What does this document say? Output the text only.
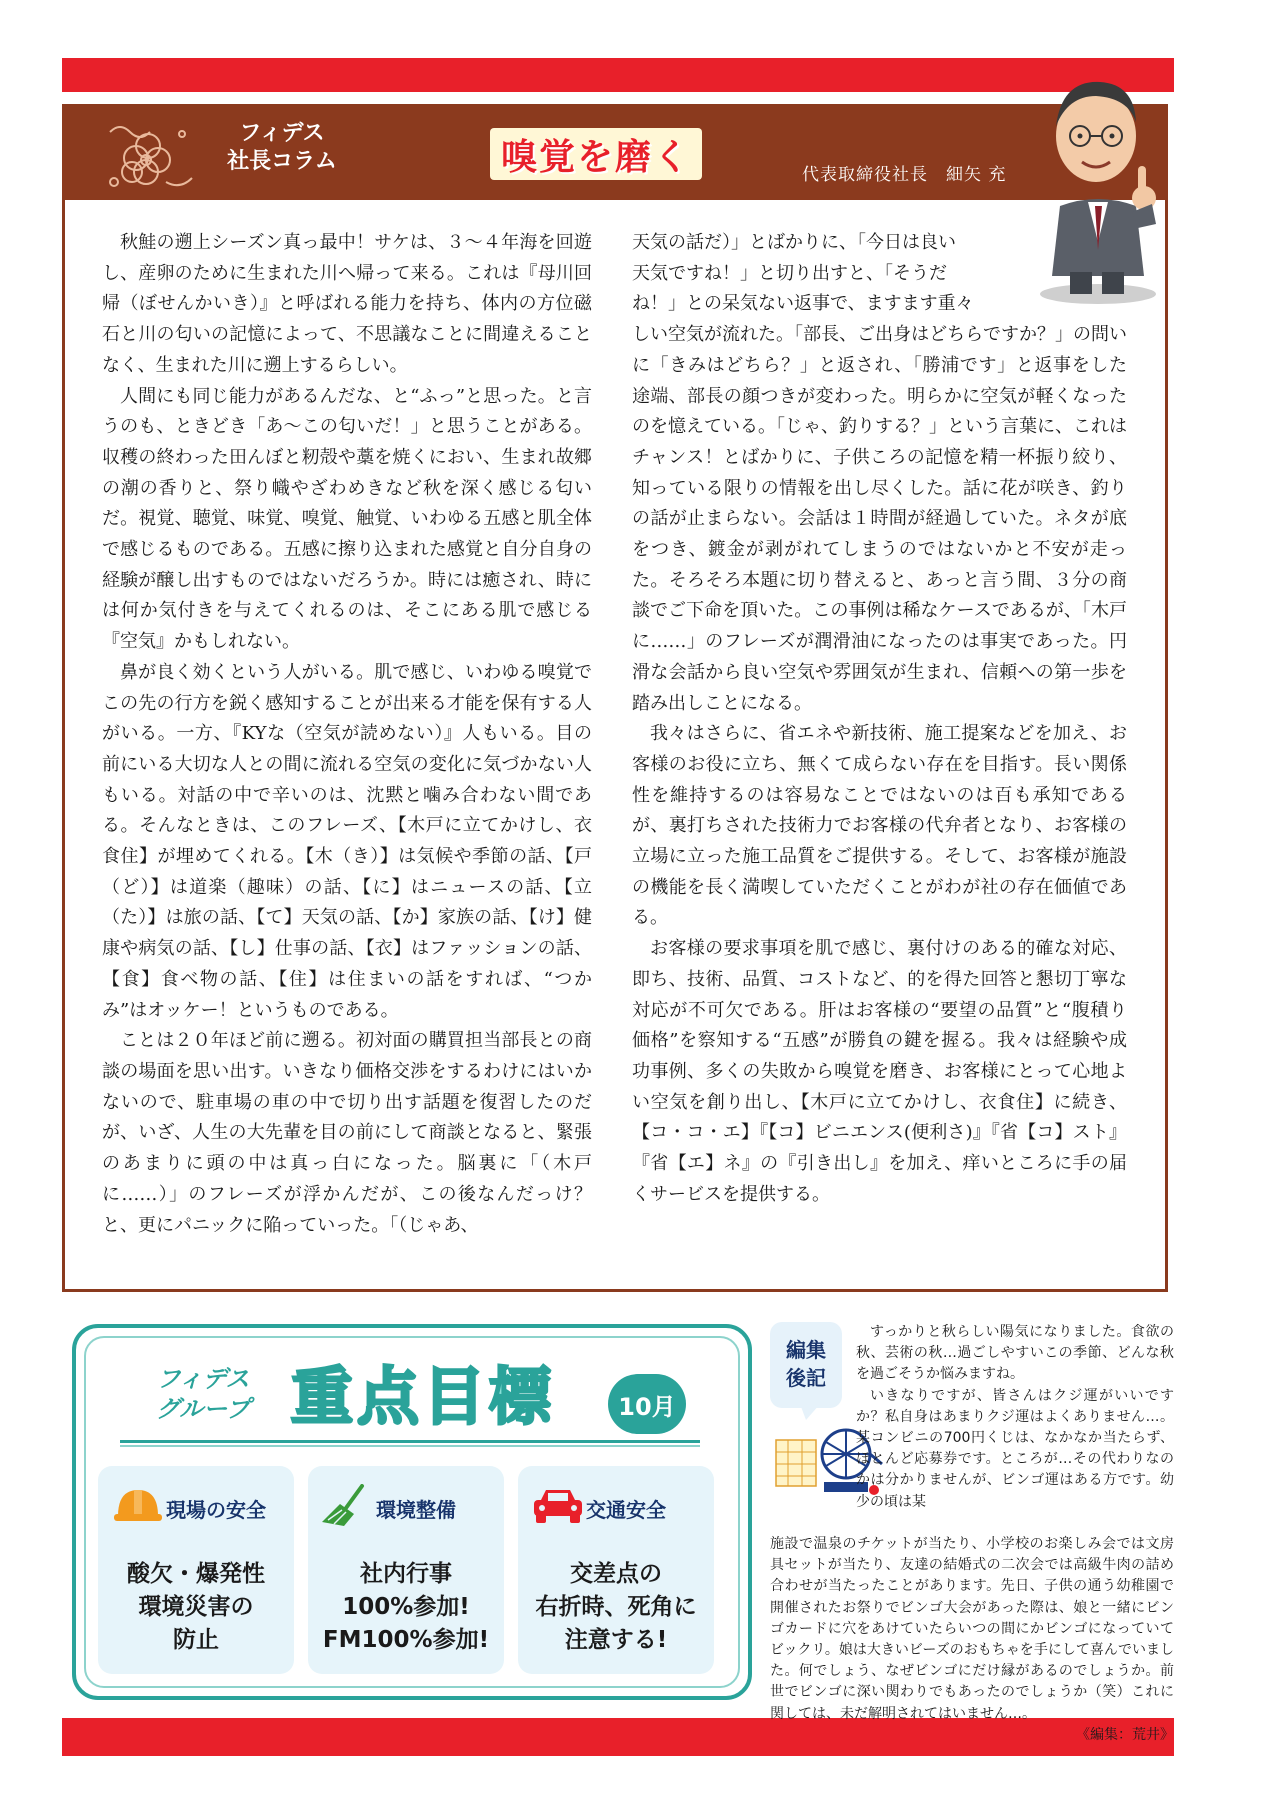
フィデス
社長コラム	嗅覚を磨く	代表取締役社長　細矢 充

秋鮭の遡上シーズン真っ最中！サケは、３～４年海を回遊し、産卵のために生まれた川へ帰って来る。これは『母川回帰（ぼせんかいき）』と呼ばれる能力を持ち、体内の方位磁石と川の匂いの記憶によって、不思議なことに間違えることなく、生まれた川に遡上するらしい。

人間にも同じ能力があるんだな、と“ふっ”と思った。と言うのも、ときどき「あ～この匂いだ！」と思うことがある。収穫の終わった田んぼと籾殻や藁を焼くにおい、生まれ故郷の潮の香りと、祭り幟やざわめきなど秋を深く感じる匂いだ。視覚、聴覚、味覚、嗅覚、触覚、いわゆる五感と肌全体で感じるものである。五感に擦り込まれた感覚と自分自身の経験が醸し出すものではないだろうか。時には癒され、時には何か気付きを与えてくれるのは、そこにある肌で感じる『空気』かもしれない。

鼻が良く効くという人がいる。肌で感じ、いわゆる嗅覚でこの先の行方を鋭く感知することが出来る才能を保有する人がいる。一方、『KYな（空気が読めない）』人もいる。目の前にいる大切な人との間に流れる空気の変化に気づかない人もいる。対話の中で辛いのは、沈黙と噛み合わない間である。そんなときは、このフレーズ、【木戸に立てかけし、衣食住】が埋めてくれる。【木（き）】は気候や季節の話、【戸（ど）】は道楽（趣味）の話、【に】はニュースの話、【立（た）】は旅の話、【て】天気の話、【か】家族の話、【け】健康や病気の話、【し】仕事の話、【衣】はファッションの話、【食】食べ物の話、【住】は住まいの話をすれば、“つかみ”はオッケー！というものである。

ことは２０年ほど前に遡る。初対面の購買担当部長との商談の場面を思い出す。いきなり価格交渉をするわけにはいかないので、駐車場の車の中で切り出す話題を復習したのだが、いざ、人生の大先輩を目の前にして商談となると、緊張のあまりに頭の中は真っ白になった。脳裏に「（木戸に……）」のフレーズが浮かんだが、この後なんだっけ？と、更にパニックに陥っていった。「（じゃあ、

天気の話だ）」とばかりに、「今日は良い

天気ですね！」と切り出すと、「そうだ

ね！」との呆気ない返事で、ますます重々

しい空気が流れた。「部長、ご出身はどちらですか？」の問いに「きみはどちら？」と返され、「勝浦です」と返事をした途端、部長の顔つきが変わった。明らかに空気が軽くなったのを憶えている。「じゃ、釣りする？」という言葉に、これはチャンス！とばかりに、子供ころの記憶を精一杯振り絞り、知っている限りの情報を出し尽くした。話に花が咲き、釣りの話が止まらない。会話は１時間が経過していた。ネタが底をつき、鍍金が剥がれてしまうのではないかと不安が走った。そろそろ本題に切り替えると、あっと言う間、３分の商談でご下命を頂いた。この事例は稀なケースであるが、「木戸に……」のフレーズが潤滑油になったのは事実であった。円滑な会話から良い空気や雰囲気が生まれ、信頼への第一歩を踏み出しことになる。

我々はさらに、省エネや新技術、施工提案などを加え、お客様のお役に立ち、無くて成らない存在を目指す。長い関係性を維持するのは容易なことではないのは百も承知であるが、裏打ちされた技術力でお客様の代弁者となり、お客様の立場に立った施工品質をご提供する。そして、お客様が施設の機能を長く満喫していただくことがわが社の存在価値である。

お客様の要求事項を肌で感じ、裏付けのある的確な対応、即ち、技術、品質、コストなど、的を得た回答と懇切丁寧な対応が不可欠である。肝はお客様の“要望の品質”と“腹積り価格”を察知する“五感”が勝負の鍵を握る。我々は経験や成功事例、多くの失敗から嗅覚を磨き、お客様にとって心地よい空気を創り出し、【木戸に立てかけし、衣食住】に続き、【コ・コ・エ】『【コ】ビニエンス(便利さ)』『省【コ】スト』『省【エ】ネ』の『引き出し』を加え、痒いところに手の届くサービスを提供する。

フィデス
グループ 重点目標	10月
現場の安全
酸欠・爆発性
環境災害の
防止
環境整備
社内行事
100%参加!
FM100%参加!
交通安全
交差点の
右折時、死角に
注意する!
編集
後記

すっかりと秋らしい陽気になりました。食欲の秋、芸術の秋…過ごしやすいこの季節、どんな秋を過ごそうか悩みますね。

いきなりですが、皆さんはクジ運がいいですか？私自身はあまりクジ運はよくありません…。某コンビニの700円くじは、なかなか当たらず、ほとんど応募券です。ところが…その代わりなのかは分かりませんが、ビンゴ運はある方です。幼少の頃は某

施設で温泉のチケットが当たり、小学校のお楽しみ会では文房具セットが当たり、友達の結婚式の二次会では高級牛肉の詰め合わせが当たったことがあります。先日、子供の通う幼稚園で開催されたお祭りでビンゴ大会があった際は、娘と一緒にビンゴカードに穴をあけていたらいつの間にかビンゴになっていてビックリ。娘は大きいビーズのおもちゃを手にして喜んでいました。何でしょう、なぜビンゴにだけ縁があるのでしょうか。前世でビンゴに深い関わりでもあったのでしょうか（笑）これに関しては、未だ解明されてはいません…。

《編集：荒井》
